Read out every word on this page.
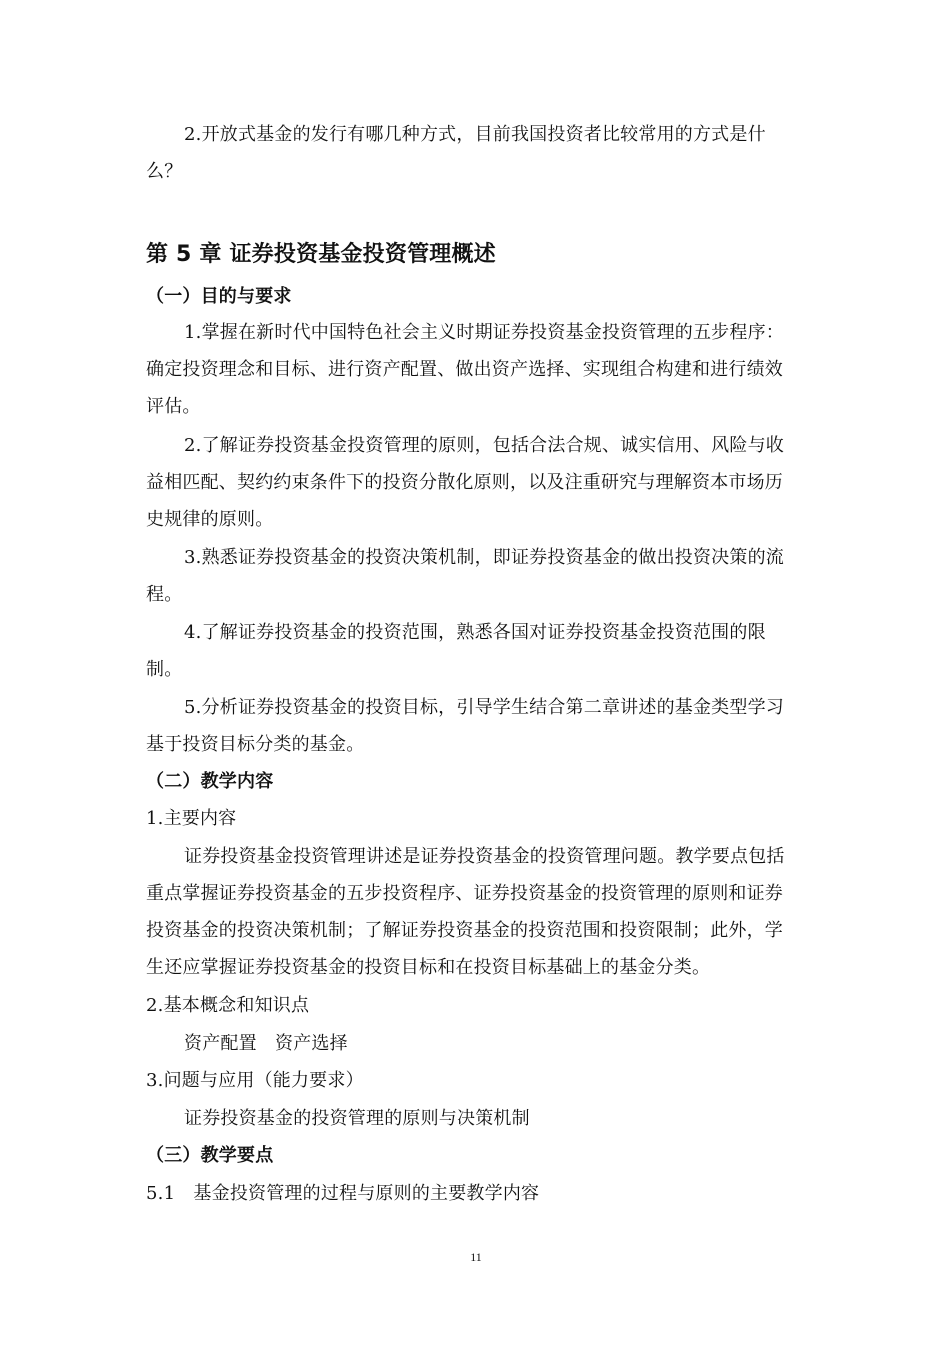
2.开放式基金的发行有哪几种方式，目前我国投资者比较常用的方式是什
么？
第 5 章 证券投资基金投资管理概述
（一）目的与要求
1.掌握在新时代中国特色社会主义时期证券投资基金投资管理的五步程序：
确定投资理念和目标、进行资产配置、做出资产选择、实现组合构建和进行绩效
评估。
2.了解证券投资基金投资管理的原则，包括合法合规、诚实信用、风险与收
益相匹配、契约约束条件下的投资分散化原则，以及注重研究与理解资本市场历
史规律的原则。
3.熟悉证券投资基金的投资决策机制，即证券投资基金的做出投资决策的流
程。
4.了解证券投资基金的投资范围，熟悉各国对证券投资基金投资范围的限
制。
5.分析证券投资基金的投资目标，引导学生结合第二章讲述的基金类型学习
基于投资目标分类的基金。
（二）教学内容
1.主要内容
证券投资基金投资管理讲述是证券投资基金的投资管理问题。教学要点包括
重点掌握证券投资基金的五步投资程序、证券投资基金的投资管理的原则和证券
投资基金的投资决策机制；了解证券投资基金的投资范围和投资限制；此外，学
生还应掌握证券投资基金的投资目标和在投资目标基础上的基金分类。
2.基本概念和知识点
资产配置　资产选择
3.问题与应用（能力要求）
证券投资基金的投资管理的原则与决策机制
（三）教学要点
5.1　基金投资管理的过程与原则的主要教学内容
11
